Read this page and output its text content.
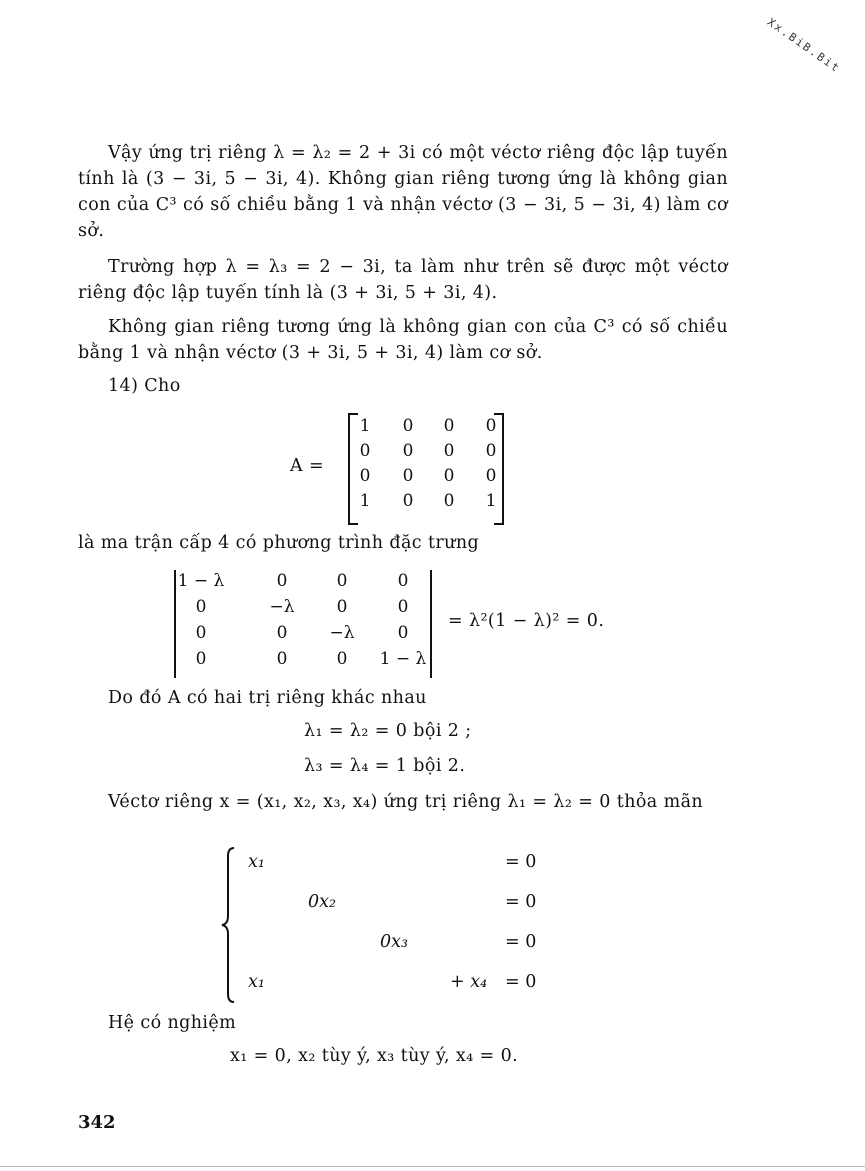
Xx.BiB.Bit
Vậy ứng trị riêng λ = λ₂ = 2 + 3i có một véctơ riêng độc lập tuyến tính là (3 − 3i, 5 − 3i, 4). Không gian riêng tương ứng là không gian con của C³ có số chiều bằng 1 và nhận véctơ (3 − 3i, 5 − 3i, 4) làm cơ sở.
Trường hợp λ = λ₃ = 2 − 3i, ta làm như trên sẽ được một véctơ riêng độc lập tuyến tính là (3 + 3i, 5 + 3i, 4).
Không gian riêng tương ứng là không gian con của C³ có số chiều bằng 1 và nhận véctơ (3 + 3i, 5 + 3i, 4) làm cơ sở.
14) Cho
A =
1 0 0 0
0 0 0 0
0 0 0 0
1 0 0 1
là ma trận cấp 4 có phương trình đặc trưng
1 − λ	0	0	0
0	−λ	0	0
0	0	−λ	0
0	0	0	1 − λ
= λ²(1 − λ)² = 0.
Do đó A có hai trị riêng khác nhau
λ₁ = λ₂ = 0 bội 2 ;
λ₃ = λ₄ = 1 bội 2.
Véctơ riêng x = (x₁, x₂, x₃, x₄) ứng trị riêng λ₁ = λ₂ = 0 thỏa mãn
x₁	= 0
0x₂	= 0
0x₃	= 0
x₁	+ x₄ = 0
Hệ có nghiệm
x₁ = 0, x₂ tùy ý, x₃ tùy ý, x₄ = 0.
342
